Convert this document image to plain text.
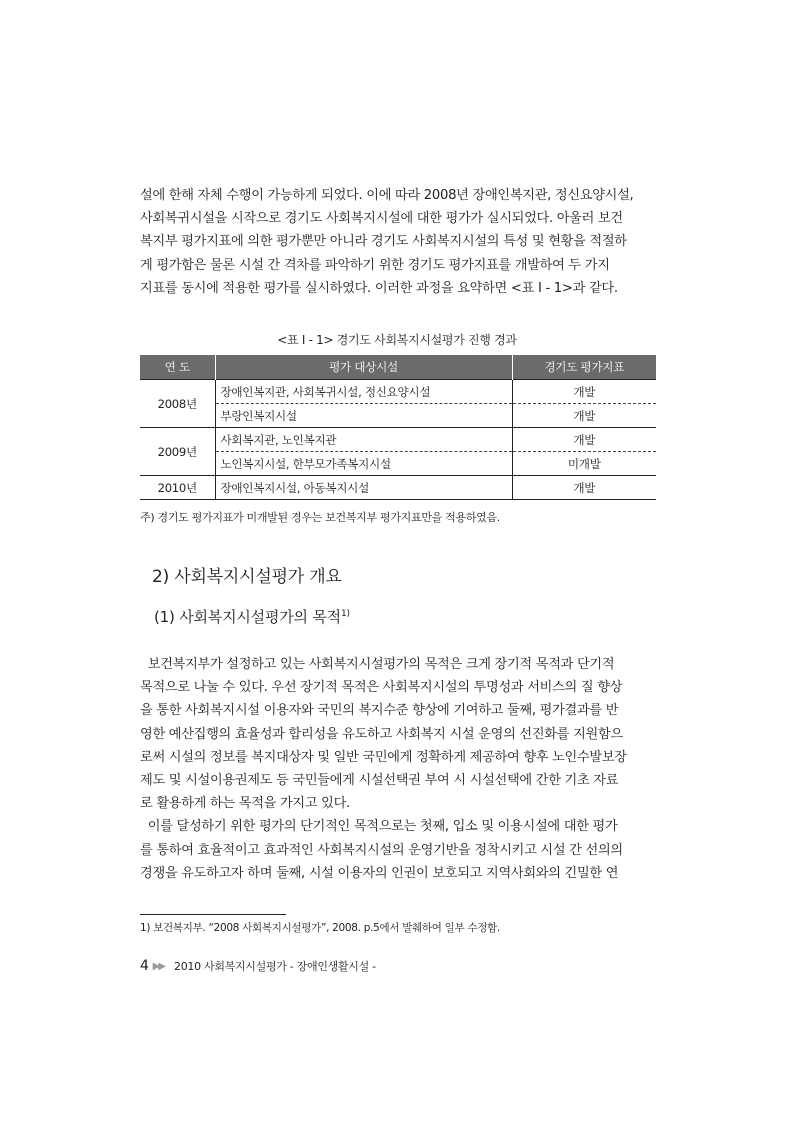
설에 한해 자체 수행이 가능하게 되었다. 이에 따라 2008년 장애인복지관, 정신요양시설,
사회복귀시설을 시작으로 경기도 사회복지시설에 대한 평가가 실시되었다. 아울러 보건
복지부 평가지표에 의한 평가뿐만 아니라 경기도 사회복지시설의 특성 및 현황을 적절하
게 평가함은 물론 시설 간 격차를 파악하기 위한 경기도 평가지표를 개발하여 두 가지
지표를 동시에 적용한 평가를 실시하였다. 이러한 과정을 요약하면 <표 Ⅰ - 1>과 같다.
<표 Ⅰ - 1> 경기도 사회복지시설평가 진행 경과
연 도	평가 대상시설	경기도 평가지표
2008년	장애인복지관, 사회복귀시설, 정신요양시설	개발
	부랑인복지시설	개발
2009년	사회복지관, 노인복지관	개발
	노인복지시설, 한부모가족복지시설	미개발
2010년	장애인복지시설, 아동복지시설	개발
주) 경기도 평가지표가 미개발된 경우는 보건복지부 평가지표만을 적용하였음.
2) 사회복지시설평가 개요
(1) 사회복지시설평가의 목적$^{1)}$
보건복지부가 설정하고 있는 사회복지시설평가의 목적은 크게 장기적 목적과 단기적
목적으로 나눌 수 있다. 우선 장기적 목적은 사회복지시설의 투명성과 서비스의 질 향상
을 통한 사회복지시설 이용자와 국민의 복지수준 향상에 기여하고 둘째, 평가결과를 반
영한 예산집행의 효율성과 합리성을 유도하고 사회복지 시설 운영의 선진화를 지원함으
로써 시설의 정보를 복지대상자 및 일반 국민에게 정확하게 제공하여 향후 노인수발보장
제도 및 시설이용권제도 등 국민들에게 시설선택권 부여 시 시설선택에 간한 기초 자료
로 활용하게 하는 목적을 가지고 있다.
이를 달성하기 위한 평가의 단기적인 목적으로는 첫째, 입소 및 이용시설에 대한 평가
를 통하여 효율적이고 효과적인 사회복지시설의 운영기반을 정착시키고 시설 간 선의의
경쟁을 유도하고자 하며 둘째, 시설 이용자의 인권이 보호되고 지역사회와의 긴밀한 연
1) 보건복지부. “2008 사회복지시설평가”, 2008. p.5에서 발췌하여 일부 수정함.
4 ▶▶ 2010 사회복지시설평가 - 장애인생활시설 -
